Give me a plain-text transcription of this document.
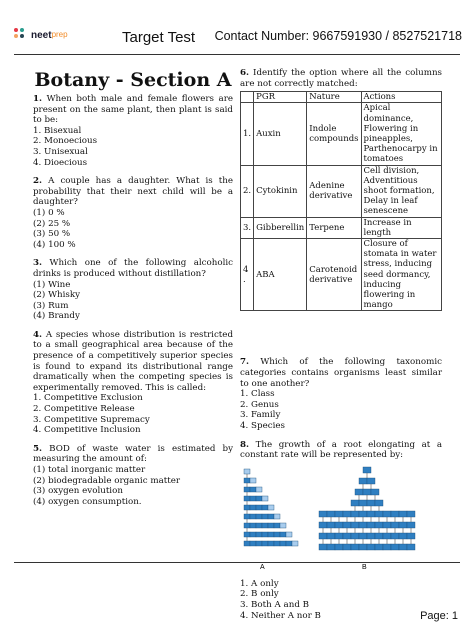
neet$^{prep}$	Target Test Contact Number: 9667591930 / 8527521718
Botany - Section A
1. When both male and female flowers are present on the same plant, then plant is said to be:
1. Bisexual
2. Monoecious
3. Unisexual
4. Dioecious
2. A couple has a daughter. What is the probability that their next child will be a daughter?
(1) 0 %
(2) 25 %
(3) 50 %
(4) 100 %
3. Which one of the following alcoholic drinks is produced without distillation?
(1) Wine
(2) Whisky
(3) Rum
(4) Brandy
4. A species whose distribution is restricted to a small geographical area because of the presence of a competitively superior species is found to expand its distributional range dramatically when the competing species is experimentally removed. This is called:
1. Competitive Exclusion
2. Competitive Release
3. Competitive Supremacy
4. Competitive Inclusion
5. BOD of waste water is estimated by measuring the amount of:
(1) total inorganic matter
(2) biodegradable organic matter
(3) oxygen evolution
(4) oxygen consumption.
6. Identify the option where all the columns are not correctly matched:
	PGR	Nature	Actions
1.	Auxin	Indole compounds	Apical dominance, Flowering in pineapples, Parthenocarpy in tomatoes
2.	Cytokinin	Adenine derivative	Cell division, Adventitious shoot formation, Delay in leaf senescene
3.	Gibberellin	Terpene	Increase in length
4 .	ABA	Carotenoid derivative	Closure of stomata in water stress, inducing seed dormancy, inducing flowering in mango
7. Which of the following taxonomic categories contains organisms least similar to one another?
1. Class
2. Genus
3. Family
4. Species
8. The growth of a root elongating at a constant rate will be represented by:
A	B
1. A only
2. B only
3. Both A and B
4. Neither A nor B	Page: 1
